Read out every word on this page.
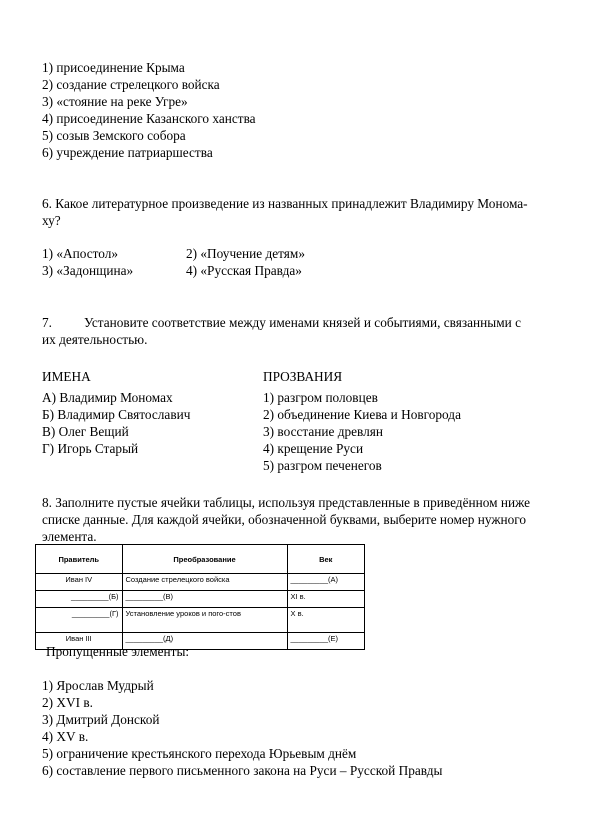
1) присоединение Крыма
2) создание стрелецкого войска
3) «стояние на реке Угре»
4) присоединение Казанского ханства
5) созыв Земского собора
6) учреждение патриаршества
6. Какое литературное произведение из названных принадлежит Владимиру Монома-
ху?
1) «Апостол»	2) «Поучение детям»
3) «Задонщина»	4) «Русская Правда»
7. Установите соответствие между именами князей и событиями, связанными с
их деятельностью.
ИМЕНА	ПРОЗВАНИЯ
А) Владимир Мономах
Б) Владимир Святославич
В) Олег Вещий
Г) Игорь Старый
1) разгром половцев
2) объединение Киева и Новгорода
3) восстание древлян
4) крещение Руси
5) разгром печенегов
8. Заполните пустые ячейки таблицы, используя представленные в приведённом ниже
списке данные. Для каждой ячейки, обозначенной буквами, выберите номер нужного
элемента.
Правитель	Преобразование	Век
Иван IV	Создание стрелецкого войска	_________(А)
_________(Б)	_________(В)	XI в.
_________(Г)	Установление уроков и пого-стов	X в.
Иван III	_________(Д)	_________(Е)
Пропущенные элементы:
1) Ярослав Мудрый
2) XVI в.
3) Дмитрий Донской
4) XV в.
5) ограничение крестьянского перехода Юрьевым днём
6) составление первого письменного закона на Руси – Русской Правды
